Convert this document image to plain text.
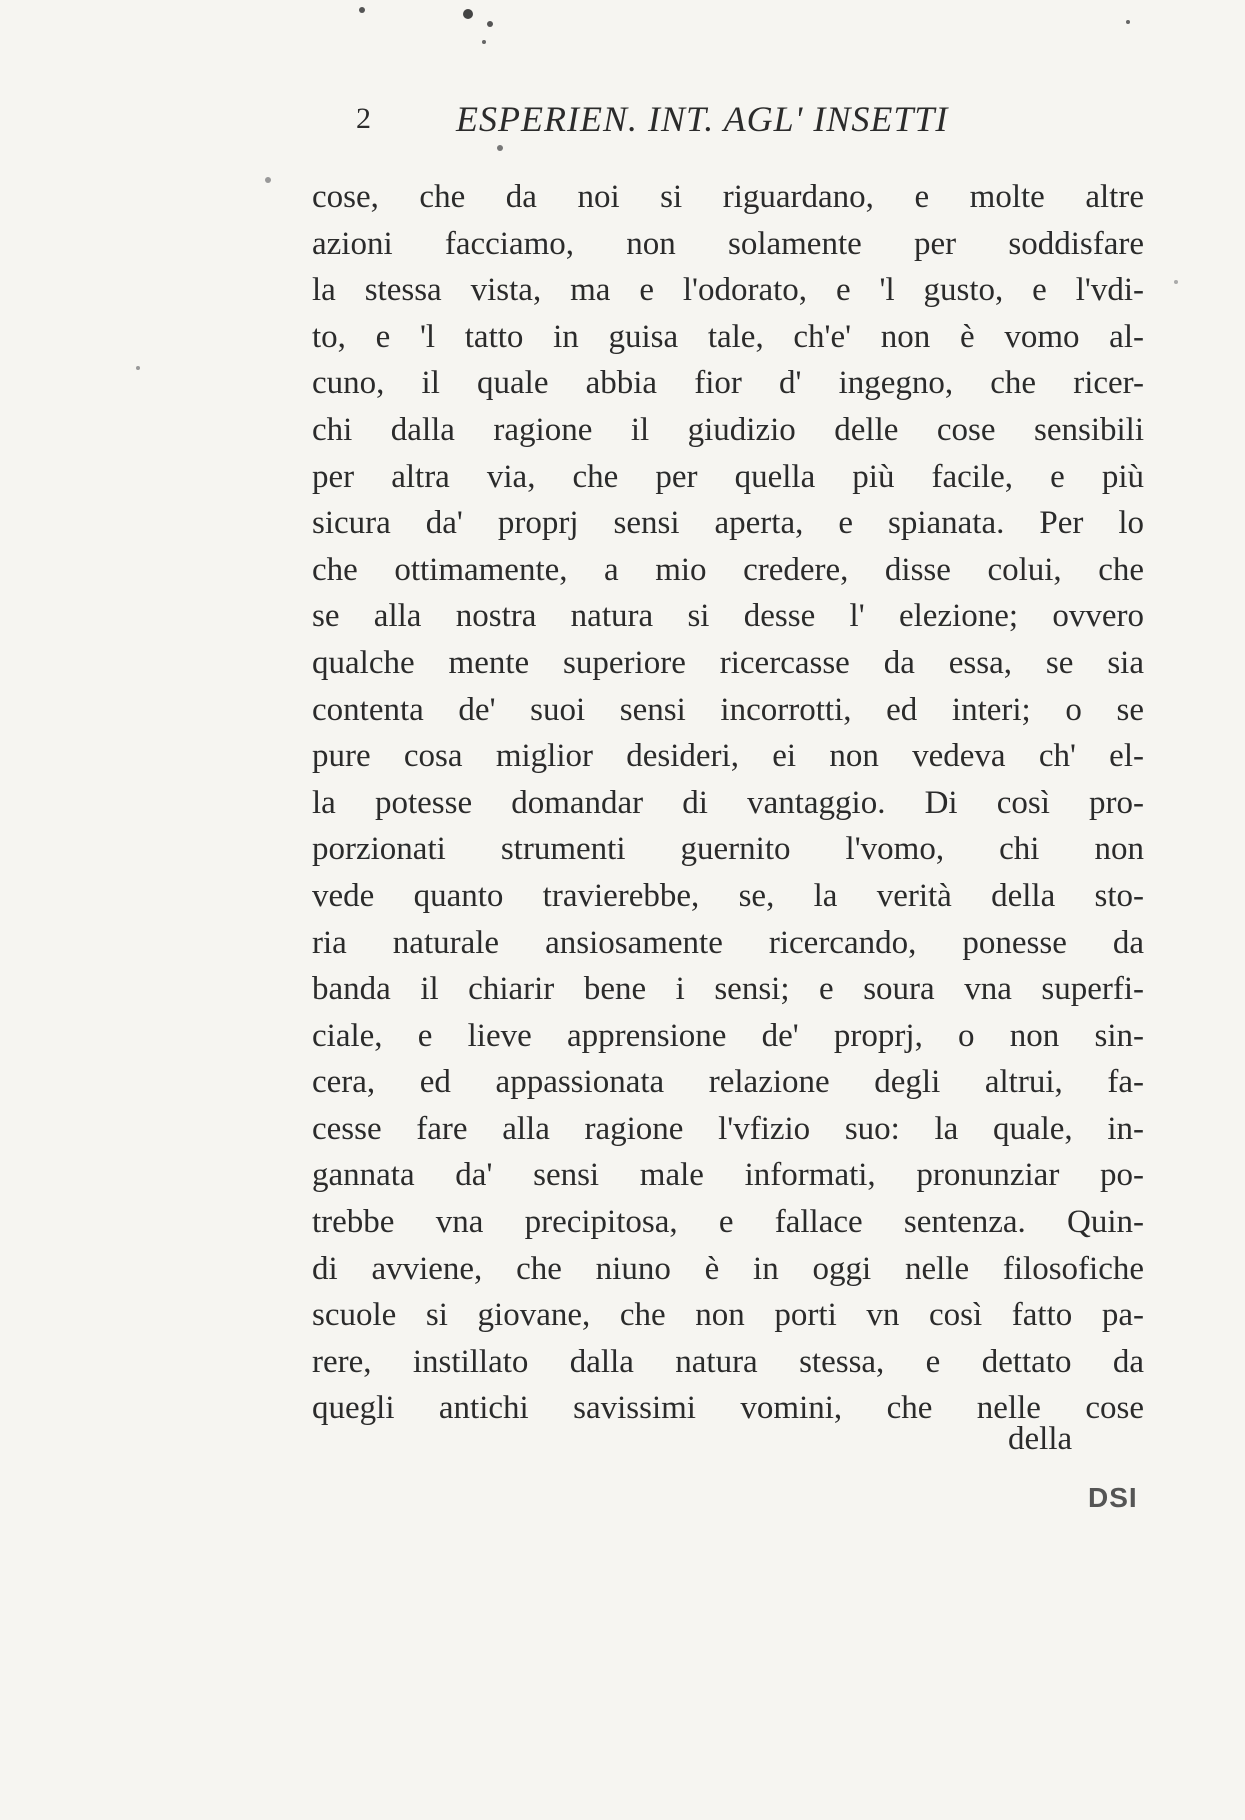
2 ESPERIEN. INT. AGL' INSETTI
cose, che da noi si riguardano, e molte altre
azioni facciamo, non solamente per soddisfare
la stessa vista, ma e l'odorato, e 'l gusto, e l'vdi-
to, e 'l tatto in guisa tale, ch'e' non è vomo al-
cuno, il quale abbia fior d' ingegno, che ricer-
chi dalla ragione il giudizio delle cose sensibili
per altra via, che per quella più facile, e più
sicura da' proprj sensi aperta, e spianata. Per lo
che ottimamente, a mio credere, disse colui, che
se alla nostra natura si desse l' elezione; ovvero
qualche mente superiore ricercasse da essa, se sia
contenta de' suoi sensi incorrotti, ed interi; o se
pure cosa miglior desideri, ei non vedeva ch' el-
la potesse domandar di vantaggio. Di così pro-
porzionati strumenti guernito l'vomo, chi non
vede quanto travierebbe, se, la verità della sto-
ria naturale ansiosamente ricercando, ponesse da
banda il chiarir bene i sensi; e soura vna superfi-
ciale, e lieve apprensione de' proprj, o non sin-
cera, ed appassionata relazione degli altrui, fa-
cesse fare alla ragione l'vfizio suo: la quale, in-
gannata da' sensi male informati, pronunziar po-
trebbe vna precipitosa, e fallace sentenza. Quin-
di avviene, che niuno è in oggi nelle filosofiche
scuole si giovane, che non porti vn così fatto pa-
rere, instillato dalla natura stessa, e dettato da
quegli antichi savissimi vomini, che nelle cose
della
DSI
